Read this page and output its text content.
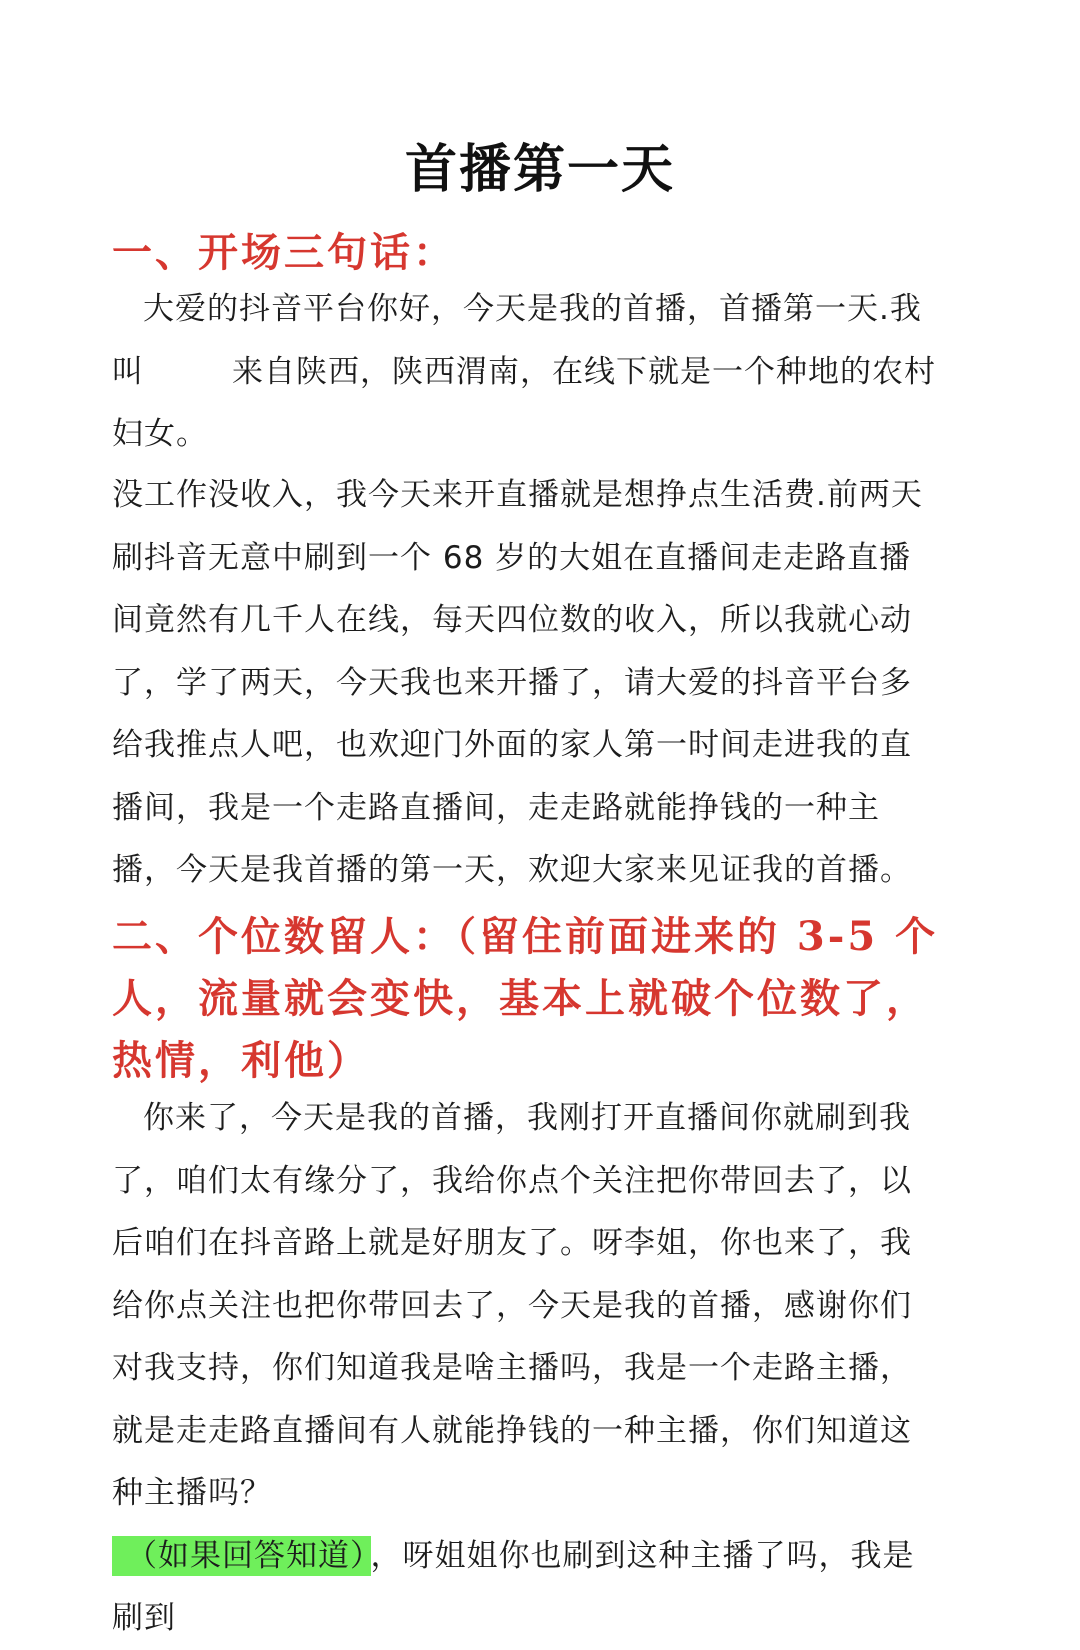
首播第一天
一、开场三句话：

大爱的抖音平台你好，今天是我的首播，首播第一天.我叫	来自陕西，陕西渭南，在线下就是一个种地的农村妇女。

没工作没收入，我今天来开直播就是想挣点生活费.前两天刷抖音无意中刷到一个 68 岁的大姐在直播间走走路直播间竟然有几千人在线，每天四位数的收入，所以我就心动了，学了两天，今天我也来开播了，请大爱的抖音平台多给我推点人吧，也欢迎门外面的家人第一时间走进我的直播间，我是一个走路直播间，走走路就能挣钱的一种主播，今天是我首播的第一天，欢迎大家来见证我的首播。

二、个位数留人：（留住前面进来的 3-5 个人，流量就会变快，基本上就破个位数了，热情，利他）

你来了，今天是我的首播，我刚打开直播间你就刷到我了，咱们太有缘分了，我给你点个关注把你带回去了，以后咱们在抖音路上就是好朋友了。呀李姐，你也来了，我给你点关注也把你带回去了，今天是我的首播，感谢你们对我支持，你们知道我是啥主播吗，我是一个走路主播，就是走走路直播间有人就能挣钱的一种主播，你们知道这种主播吗？
（如果回答知道） ，呀姐姐你也刷到这种主播了吗，我是刷到
